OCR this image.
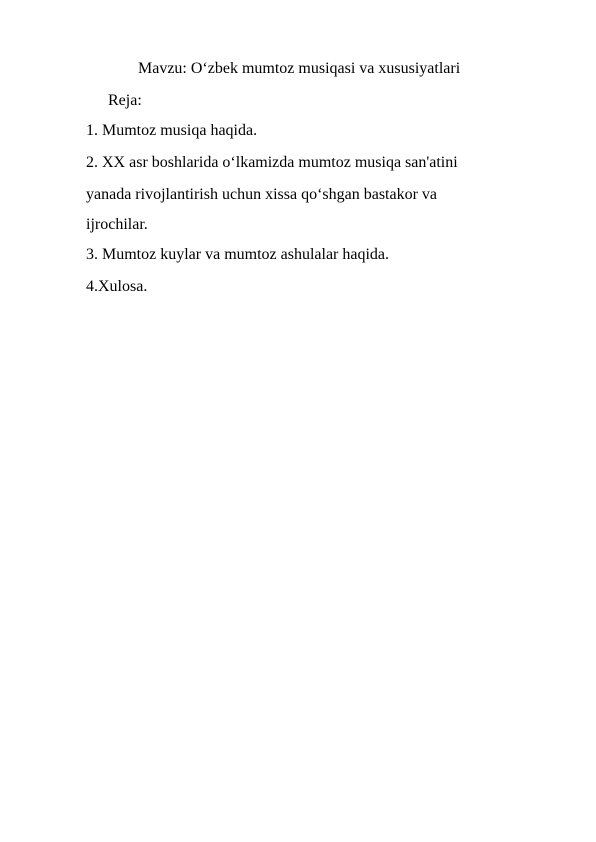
Mavzu: O‘zbek mumtoz musiqasi va xususiyatlari
Reja:
1. Mumtoz musiqa haqida.
2. XX asr boshlarida o‘lkamizda mumtoz musiqa san'atini
yanada rivojlantirish uchun xissa qo‘shgan bastakor va
ijrochilar.
3. Mumtoz kuylar va mumtoz ashulalar haqida.
4.Xulosa.
